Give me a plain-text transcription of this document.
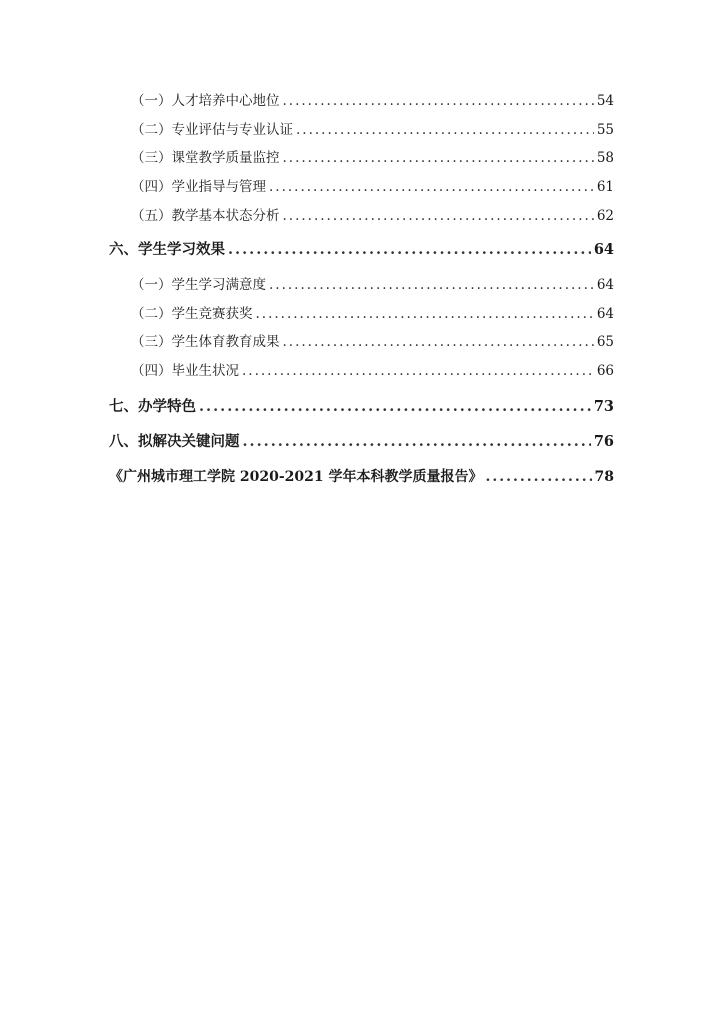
（一）人才培养中心地位 .....	54
（二）专业评估与专业认证 .....	55
（三）课堂教学质量监控 .....	58
（四）学业指导与管理 .....	61
（五）教学基本状态分析 .....	62
六、学生学习效果 .....	64
（一）学生学习满意度 .....	64
（二）学生竞赛获奖 .....	64
（三）学生体育教育成果 .....	65
（四）毕业生状况 .....	66
七、办学特色 .....	73
八、拟解决关键问题 .....	76
《广州城市理工学院 2020-2021 学年本科教学质量报告》 .....	78
